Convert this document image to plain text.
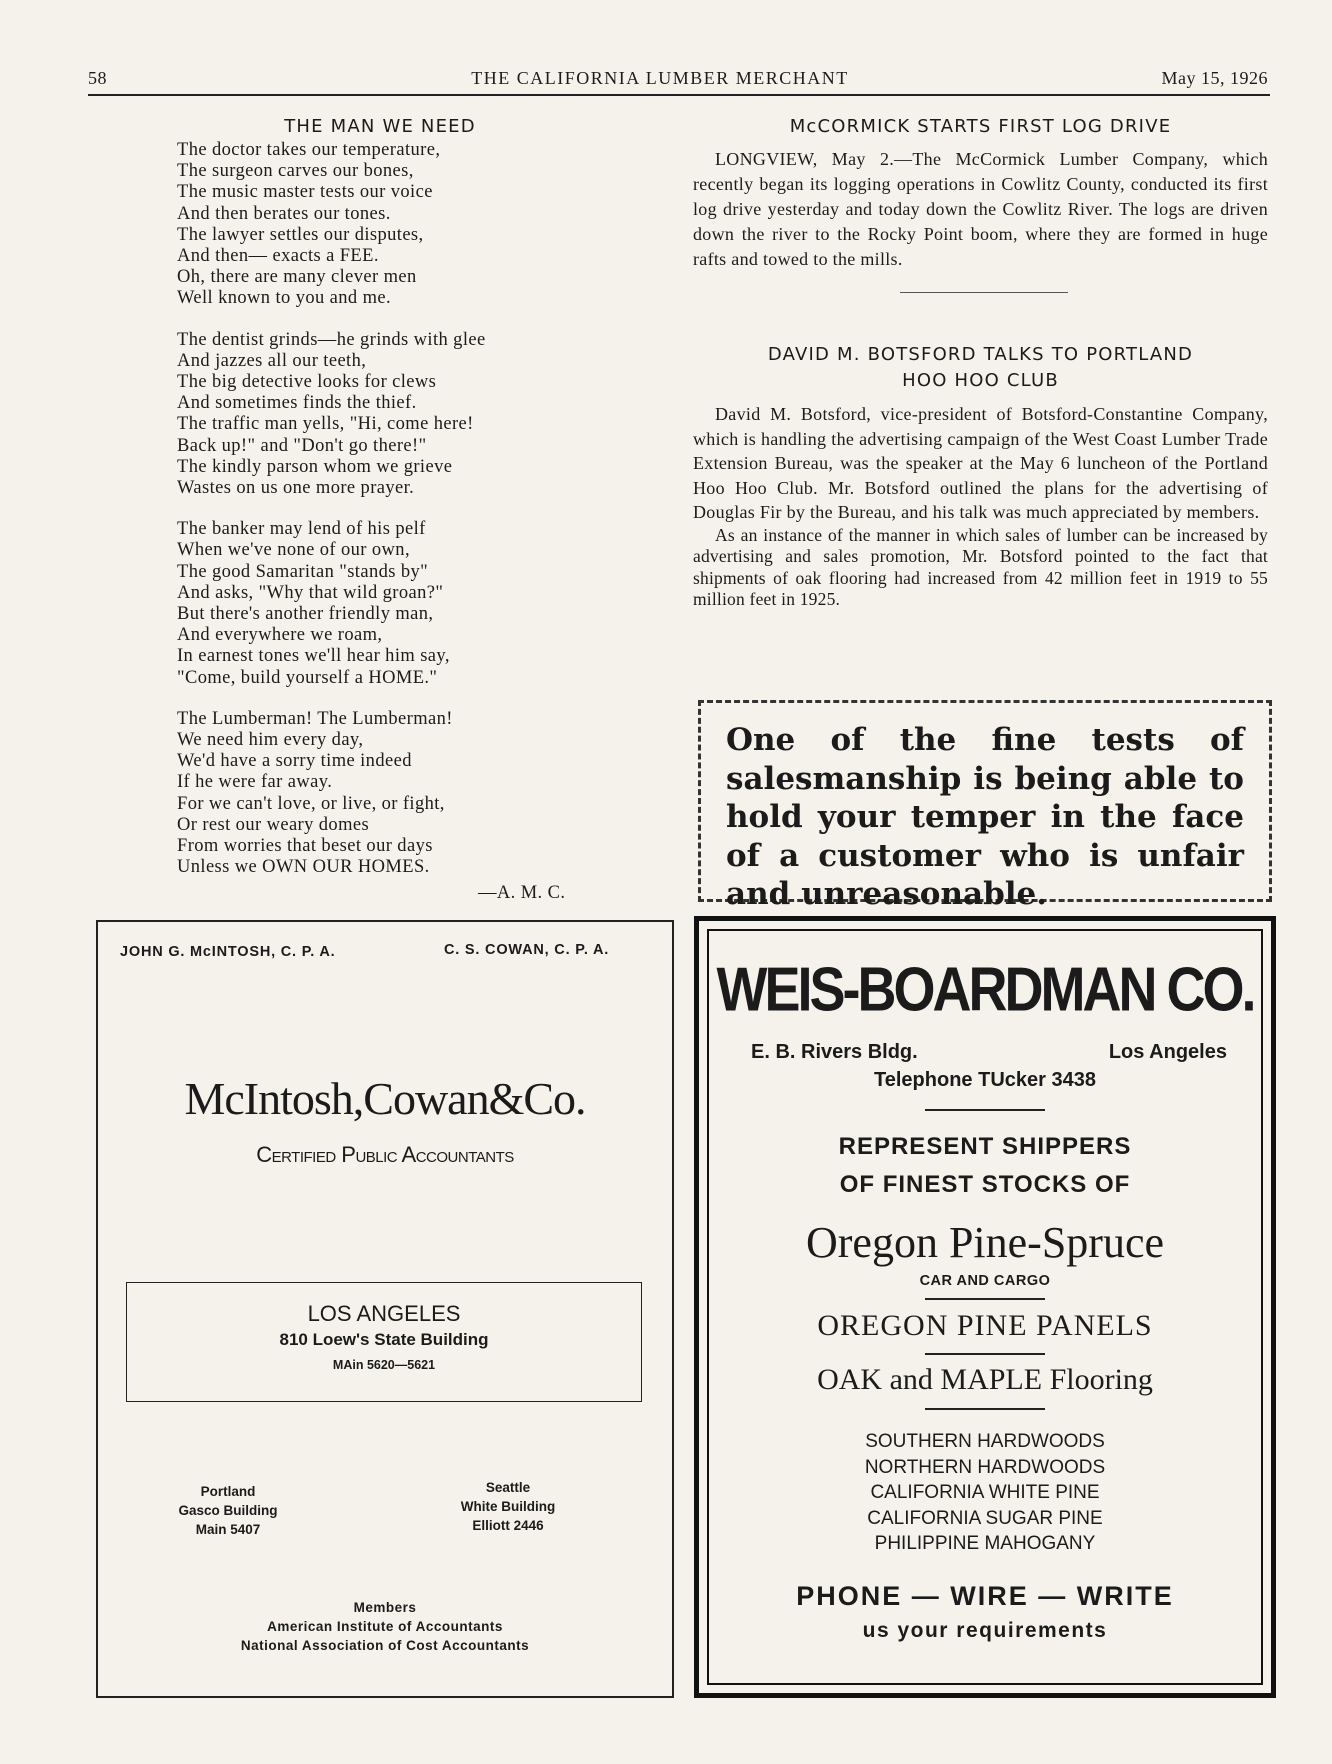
58	THE CALIFORNIA LUMBER MERCHANT	May 15, 1926
THE MAN WE NEED
The doctor takes our temperature,
The surgeon carves our bones,
The music master tests our voice
And then berates our tones.
The lawyer settles our disputes,
And then— exacts a FEE.
Oh, there are many clever men
Well known to you and me.
The dentist grinds—he grinds with glee
And jazzes all our teeth,
The big detective looks for clews
And sometimes finds the thief.
The traffic man yells, "Hi, come here!
Back up!" and "Don't go there!"
The kindly parson whom we grieve
Wastes on us one more prayer.
The banker may lend of his pelf
When we've none of our own,
The good Samaritan "stands by"
And asks, "Why that wild groan?"
But there's another friendly man,
And everywhere we roam,
In earnest tones we'll hear him say,
"Come, build yourself a HOME."
The Lumberman! The Lumberman!
We need him every day,
We'd have a sorry time indeed
If he were far away.
For we can't love, or live, or fight,
Or rest our weary domes
From worries that beset our days
Unless we OWN OUR HOMES.
—A. M. C.
McCORMICK STARTS FIRST LOG DRIVE
LONGVIEW, May 2.—The McCormick Lumber Company, which recently began its logging operations in Cowlitz County, conducted its first log drive yesterday and today down the Cowlitz River. The logs are driven down the river to the Rocky Point boom, where they are formed in huge rafts and towed to the mills.
DAVID M. BOTSFORD TALKS TO PORTLAND
HOO HOO CLUB
David M. Botsford, vice-president of Botsford-Constantine Company, which is handling the advertising campaign of the West Coast Lumber Trade Extension Bureau, was the speaker at the May 6 luncheon of the Portland Hoo Hoo Club. Mr. Botsford outlined the plans for the advertising of Douglas Fir by the Bureau, and his talk was much appreciated by members.
As an instance of the manner in which sales of lumber can be increased by advertising and sales promotion, Mr. Botsford pointed to the fact that shipments of oak flooring had increased from 42 million feet in 1919 to 55 million feet in 1925.
One of the fine tests of salesmanship is being able to hold your temper in the face of a customer who is unfair and unreasonable.
JOHN G. McINTOSH, C. P. A.	C. S. COWAN, C. P. A.
McIntosh,Cowan&Co.
Certified Public Accountants
LOS ANGELES
810 Loew's State Building
MAin 5620—5621
Portland
Gasco Building
Main 5407
Seattle
White Building
Elliott 2446
Members
American Institute of Accountants
National Association of Cost Accountants
WEIS-BOARDMAN CO.
E. B. Rivers Bldg.	Los Angeles
Telephone TUcker 3438
REPRESENT SHIPPERS
OF FINEST STOCKS OF
Oregon Pine-Spruce
CAR AND CARGO
OREGON PINE PANELS
OAK and MAPLE Flooring
SOUTHERN HARDWOODS
NORTHERN HARDWOODS
CALIFORNIA WHITE PINE
CALIFORNIA SUGAR PINE
PHILIPPINE MAHOGANY
PHONE — WIRE — WRITE
us your requirements
